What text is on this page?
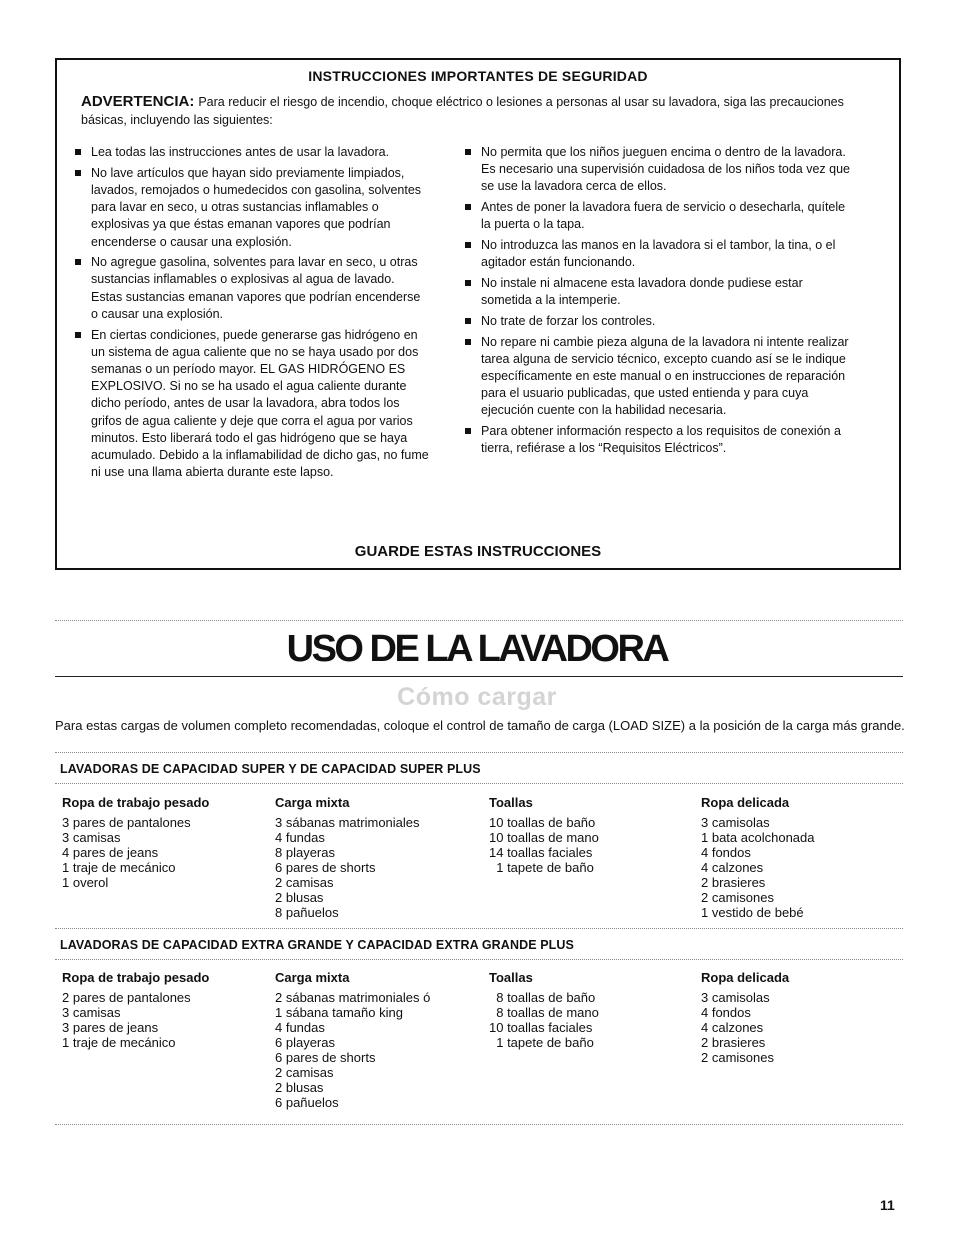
INSTRUCCIONES IMPORTANTES DE SEGURIDAD
ADVERTENCIA: Para reducir el riesgo de incendio, choque eléctrico o lesiones a personas al usar su lavadora, siga las precauciones básicas, incluyendo las siguientes:
Lea todas las instrucciones antes de usar la lavadora.
No lave artículos que hayan sido previamente limpiados, lavados, remojados o humedecidos con gasolina, solventes para lavar en seco, u otras sustancias inflamables o explosivas ya que éstas emanan vapores que podrían encenderse o causar una explosión.
No agregue gasolina, solventes para lavar en seco, u otras sustancias inflamables o explosivas al agua de lavado. Estas sustancias emanan vapores que podrían encenderse o causar una explosión.
En ciertas condiciones, puede generarse gas hidrógeno en un sistema de agua caliente que no se haya usado por dos semanas o un período mayor. EL GAS HIDRÓGENO ES EXPLOSIVO. Si no se ha usado el agua caliente durante dicho período, antes de usar la lavadora, abra todos los grifos de agua caliente y deje que corra el agua por varios minutos. Esto liberará todo el gas hidrógeno que se haya acumulado. Debido a la inflamabilidad de dicho gas, no fume ni use una llama abierta durante este lapso.
No permita que los niños jueguen encima o dentro de la lavadora. Es necesario una supervisión cuidadosa de los niños toda vez que se use la lavadora cerca de ellos.
Antes de poner la lavadora fuera de servicio o desecharla, quítele la puerta o la tapa.
No introduzca las manos en la lavadora si el tambor, la tina, o el agitador están funcionando.
No instale ni almacene esta lavadora donde pudiese estar sometida a la intemperie.
No trate de forzar los controles.
No repare ni cambie pieza alguna de la lavadora ni intente realizar tarea alguna de servicio técnico, excepto cuando así se le indique específicamente en este manual o en instrucciones de reparación para el usuario publicadas, que usted entienda y para cuya ejecución cuente con la habilidad necesaria.
Para obtener información respecto a los requisitos de conexión a tierra, refiérase a los “Requisitos Eléctricos”.
GUARDE ESTAS INSTRUCCIONES
USO DE LA LAVADORA
Cómo cargar
Para estas cargas de volumen completo recomendadas, coloque el control de tamaño de carga (LOAD SIZE) a la posición de la carga más grande.
LAVADORAS DE CAPACIDAD SUPER Y DE CAPACIDAD SUPER PLUS
Ropa de trabajo pesado
3 pares de pantalones
3 camisas
4 pares de jeans
1 traje de mecánico
1 overol
Carga mixta
3 sábanas matrimoniales
4 fundas
8 playeras
6 pares de shorts
2 camisas
2 blusas
8 pañuelos
Toallas
10 toallas de baño
10 toallas de mano
14 toallas faciales
1 tapete de baño
Ropa delicada
3 camisolas
1 bata acolchonada
4 fondos
4 calzones
2 brasieres
2 camisones
1 vestido de bebé
LAVADORAS DE CAPACIDAD EXTRA GRANDE Y CAPACIDAD EXTRA GRANDE PLUS
Ropa de trabajo pesado
2 pares de pantalones
3 camisas
3 pares de jeans
1 traje de mecánico
Carga mixta
2 sábanas matrimoniales ó
1 sábana tamaño king
4 fundas
6 playeras
6 pares de shorts
2 camisas
2 blusas
6 pañuelos
Toallas
8 toallas de baño
8 toallas de mano
10 toallas faciales
1 tapete de baño
Ropa delicada
3 camisolas
4 fondos
4 calzones
2 brasieres
2 camisones
11
